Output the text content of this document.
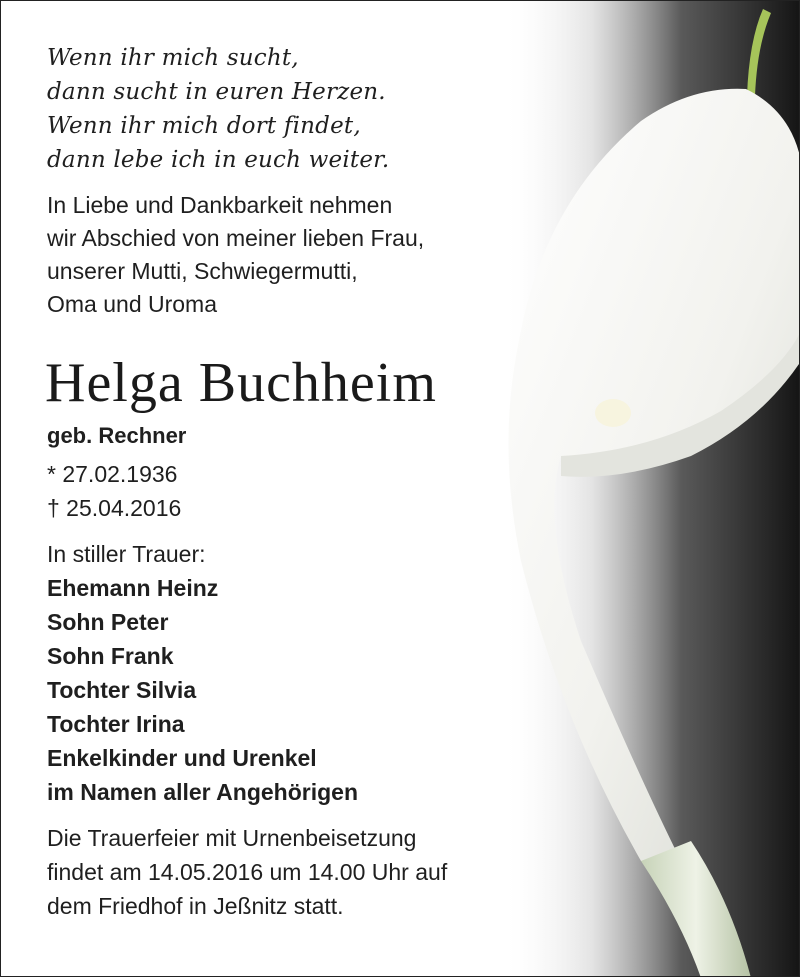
Wenn ihr mich sucht,
dann sucht in euren Herzen.
Wenn ihr mich dort findet,
dann lebe ich in euch weiter.
In Liebe und Dankbarkeit nehmen
wir Abschied von meiner lieben Frau,
unserer Mutti, Schwiegermutti,
Oma und Uroma
Helga Buchheim
geb. Rechner
* 27.02.1936
† 25.04.2016
In stiller Trauer:
Ehemann Heinz
Sohn Peter
Sohn Frank
Tochter Silvia
Tochter Irina
Enkelkinder und Urenkel
im Namen aller Angehörigen
Die Trauerfeier mit Urnenbeisetzung
findet am 14.05.2016 um 14.00 Uhr auf
dem Friedhof in Jeßnitz statt.
